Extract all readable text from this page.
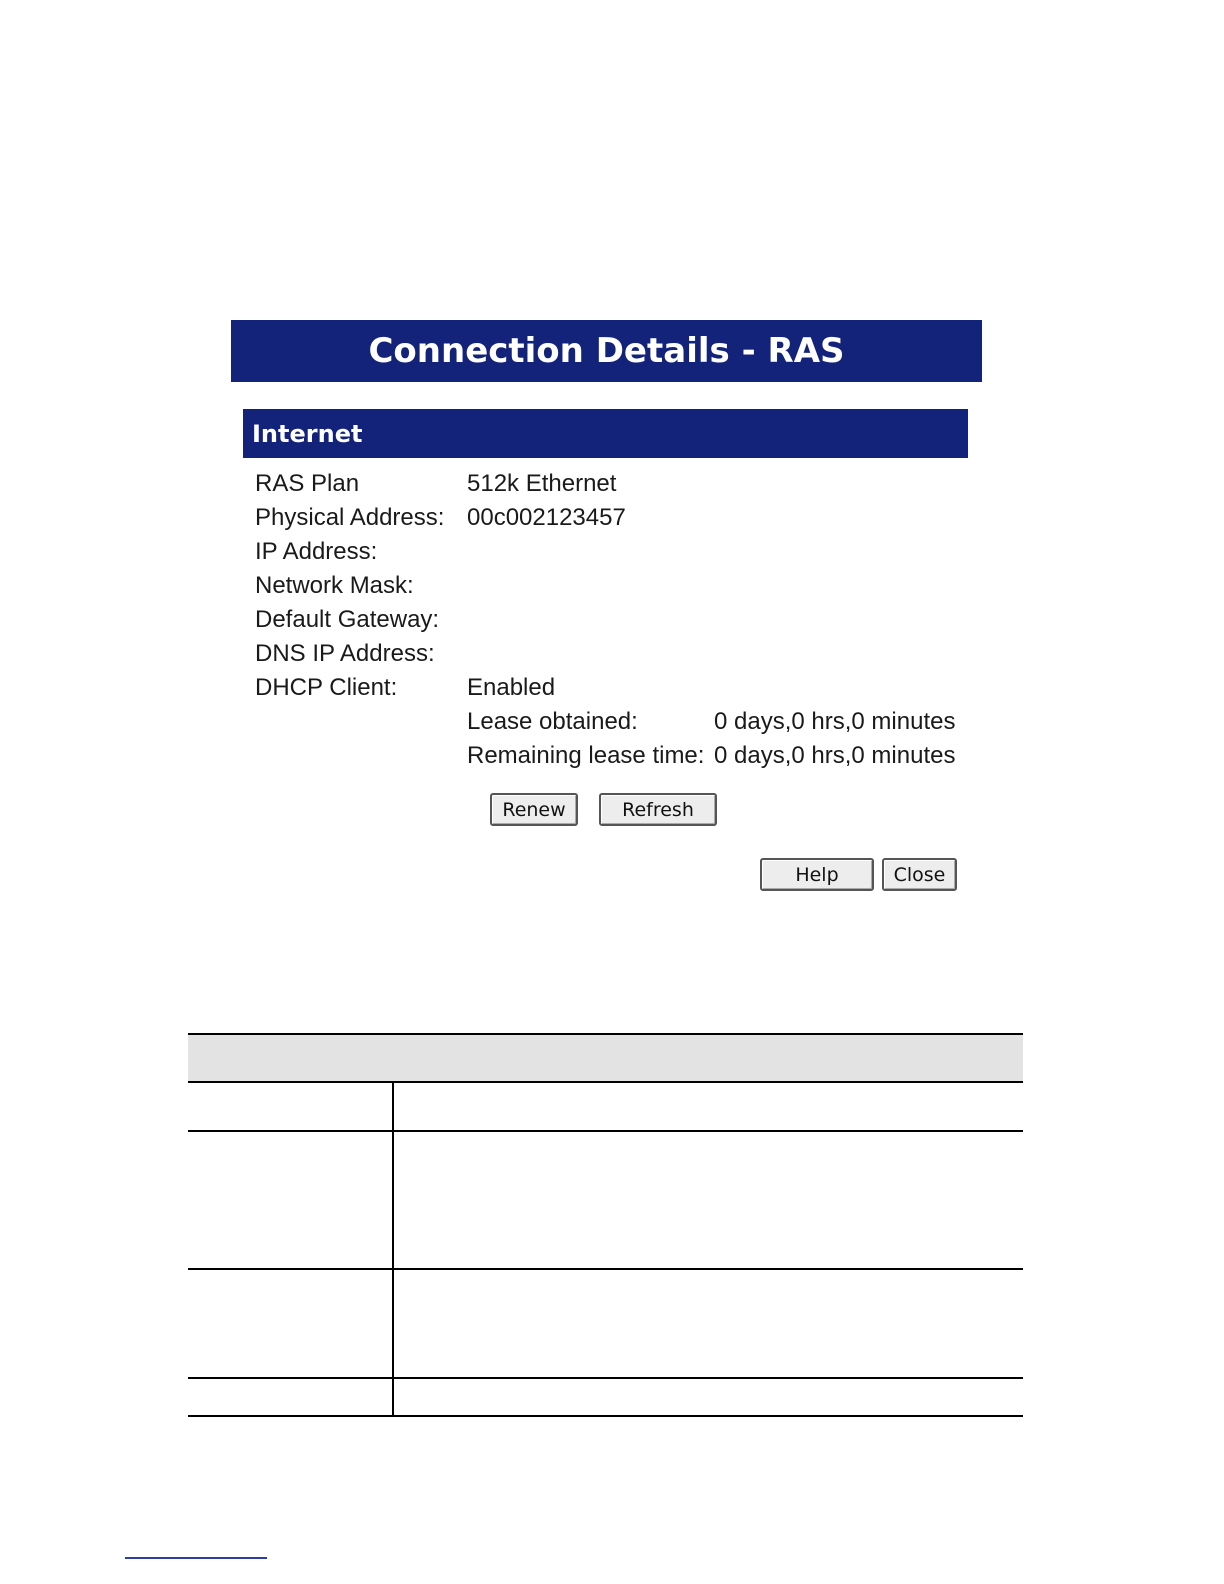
Connection Details - RAS
Internet
RAS Plan	512k Ethernet
Physical Address: 00c002123457
IP Address:
Network Mask:
Default Gateway:
DNS IP Address:
DHCP Client:	Enabled
Lease obtained:	0 days,0 hrs,0 minutes
Remaining lease time: 0 days,0 hrs,0 minutes
Renew	Refresh
Help	Close
